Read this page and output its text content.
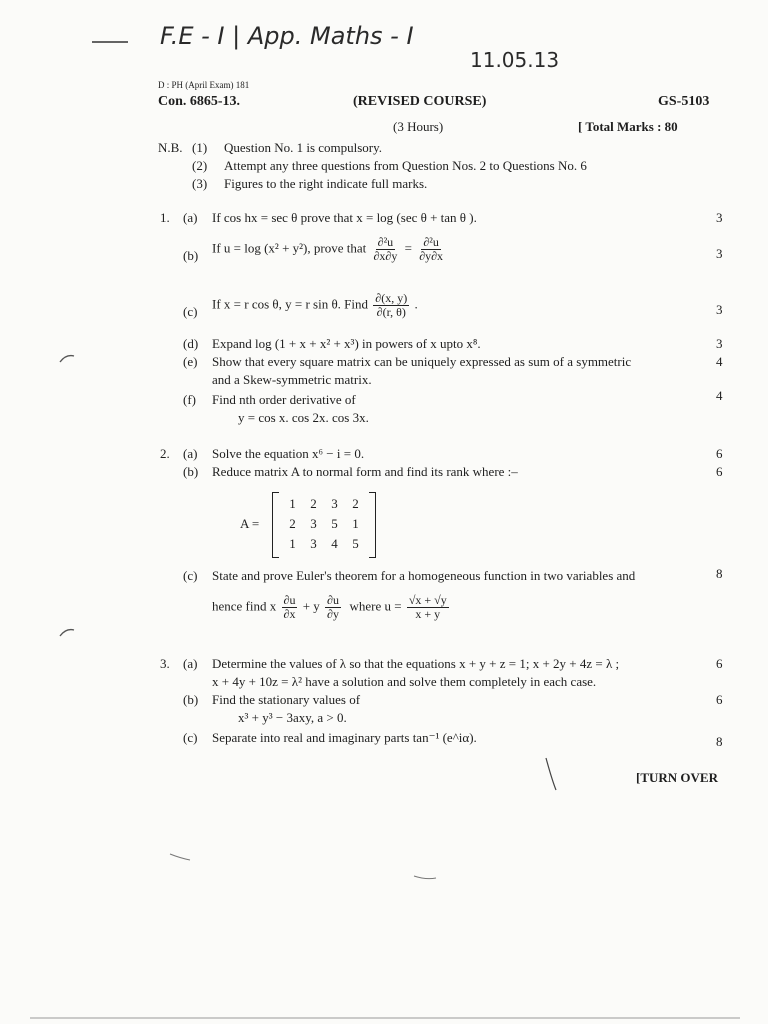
F.E - I | App. Maths - I
11.05.13
D : PH (April Exam) 181
Con. 6865-13.	(REVISED COURSE)	GS-5103
(3 Hours)	[ Total Marks : 80
N.B. (1) Question No. 1 is compulsory.
(2) Attempt any three questions from Question Nos. 2 to Questions No. 6
(3) Figures to the right indicate full marks.
1. (a) If cos hx = sec θ prove that x = log (sec θ + tan θ ).	3
(b)
If u = log (x² + y²), prove that $\frac{\text{∂²u}}{\partial x\partial y} = \frac{\text{∂²u}}{\partial y\partial x}$	3
(c)
If x = r cos θ, y = r sin θ. Find $\frac{\partial(x, y)}{\partial(r, \theta)}$ .	3
(d) Expand log (1 + x + x² + x³) in powers of x upto x⁸.	3
(e) Show that every square matrix can be uniquely expressed as sum of a symmetric
and a Skew-symmetric matrix.
4
(f) Find nth order derivative of
y = cos x. cos 2x. cos 3x.
4
2. (a) Solve the equation x⁶ − i = 0.	6
(b) Reduce matrix A to normal form and find its rank where :–	6
A =
1	2	3	2
2	3	5	1
1	3	4	5
(c) State and prove Euler's theorem for a homogeneous function in two variables and	8
hence find x $\frac{\partial u}{\partial x} + y \frac{\partial u}{\partial y}$ where $u = \frac{√x + √y}{x + y}$
3. (a) Determine the values of λ so that the equations x + y + z = 1; x + 2y + 4z = λ ;
x + 4y + 10z = λ² have a solution and solve them completely in each case.
6
(b) Find the stationary values of
x³ + y³ − 3axy, a > 0.
6
(c) Separate into real and imaginary parts tan⁻¹ (e^iα).	8
[TURN OVER
